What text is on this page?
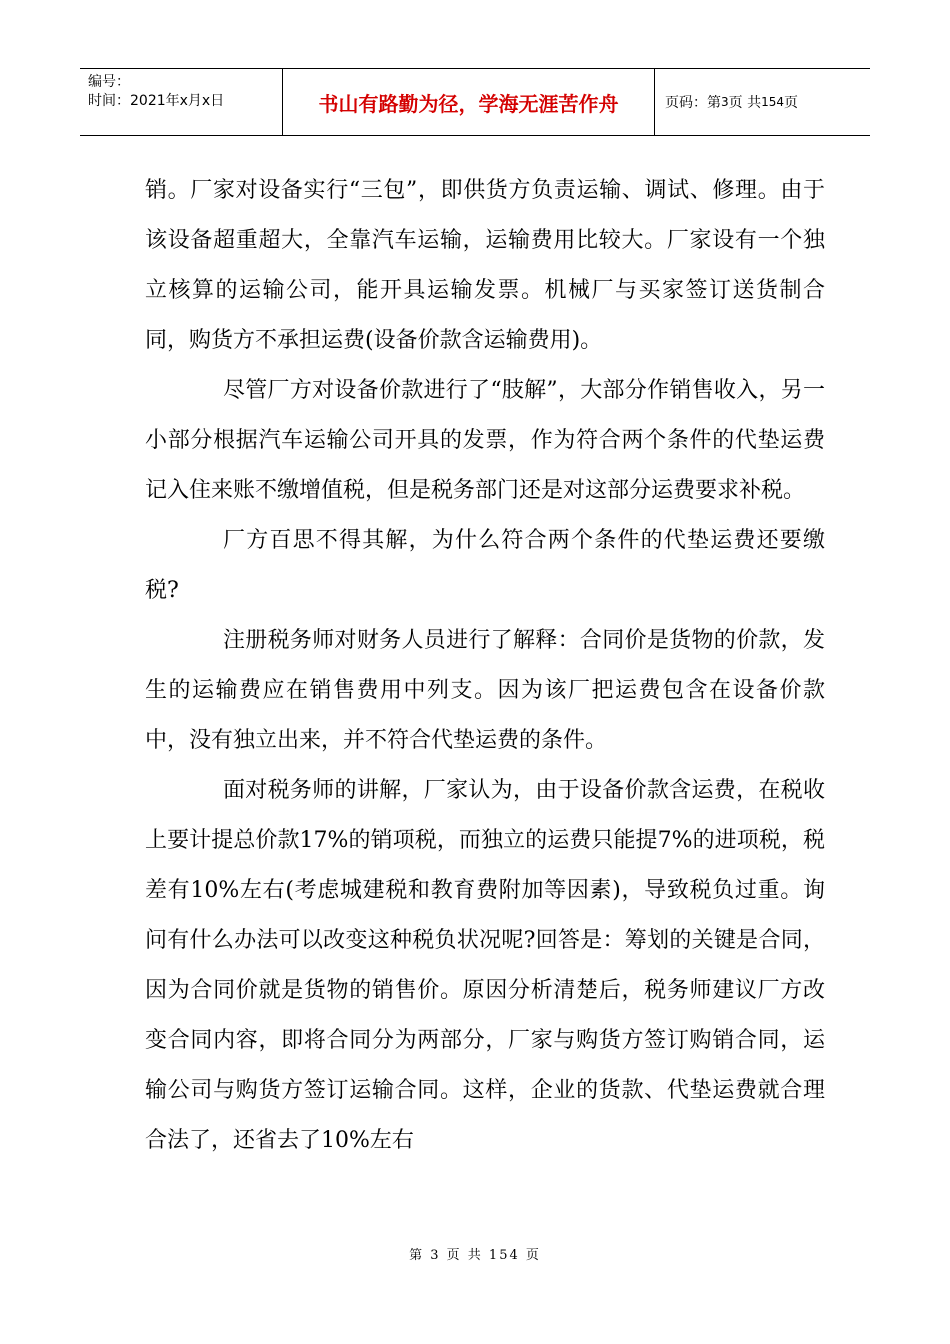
编号：
时间：2021年x月x日	书山有路勤为径，学海无涯苦作舟	页码：第 3 页 共 154 页

销。厂家对设备实行“三包”，即供货方负责运输、调试、修理。由于该设备超重超大，全靠汽车运输，运输费用比较大。厂家设有一个独立核算的运输公司，能开具运输发票。机械厂与买家签订送货制合同，购货方不承担运费(设备价款含运输费用)。

尽管厂方对设备价款进行了“肢解”，大部分作销售收入，另一小部分根据汽车运输公司开具的发票，作为符合两个条件的代垫运费记入住来账不缴增值税，但是税务部门还是对这部分运费要求补税。

厂方百思不得其解，为什么符合两个条件的代垫运费还要缴税?

注册税务师对财务人员进行了解释：合同价是货物的价款，发生的运输费应在销售费用中列支。因为该厂把运费包含在设备价款中，没有独立出来，并不符合代垫运费的条件。

面对税务师的讲解，厂家认为，由于设备价款含运费，在税收上要计提总价款17%的销项税，而独立的运费只能提7%的进项税，税差有10%左右(考虑城建税和教育费附加等因素)，导致税负过重。询问有什么办法可以改变这种税负状况呢?回答是：筹划的关键是合同，因为合同价就是货物的销售价。原因分析清楚后，税务师建议厂方改变合同内容，即将合同分为两部分，厂家与购货方签订购销合同，运输公司与购货方签订运输合同。这样，企业的货款、代垫运费就合理合法了，还省去了10%左右

第 3 页 共 154 页
